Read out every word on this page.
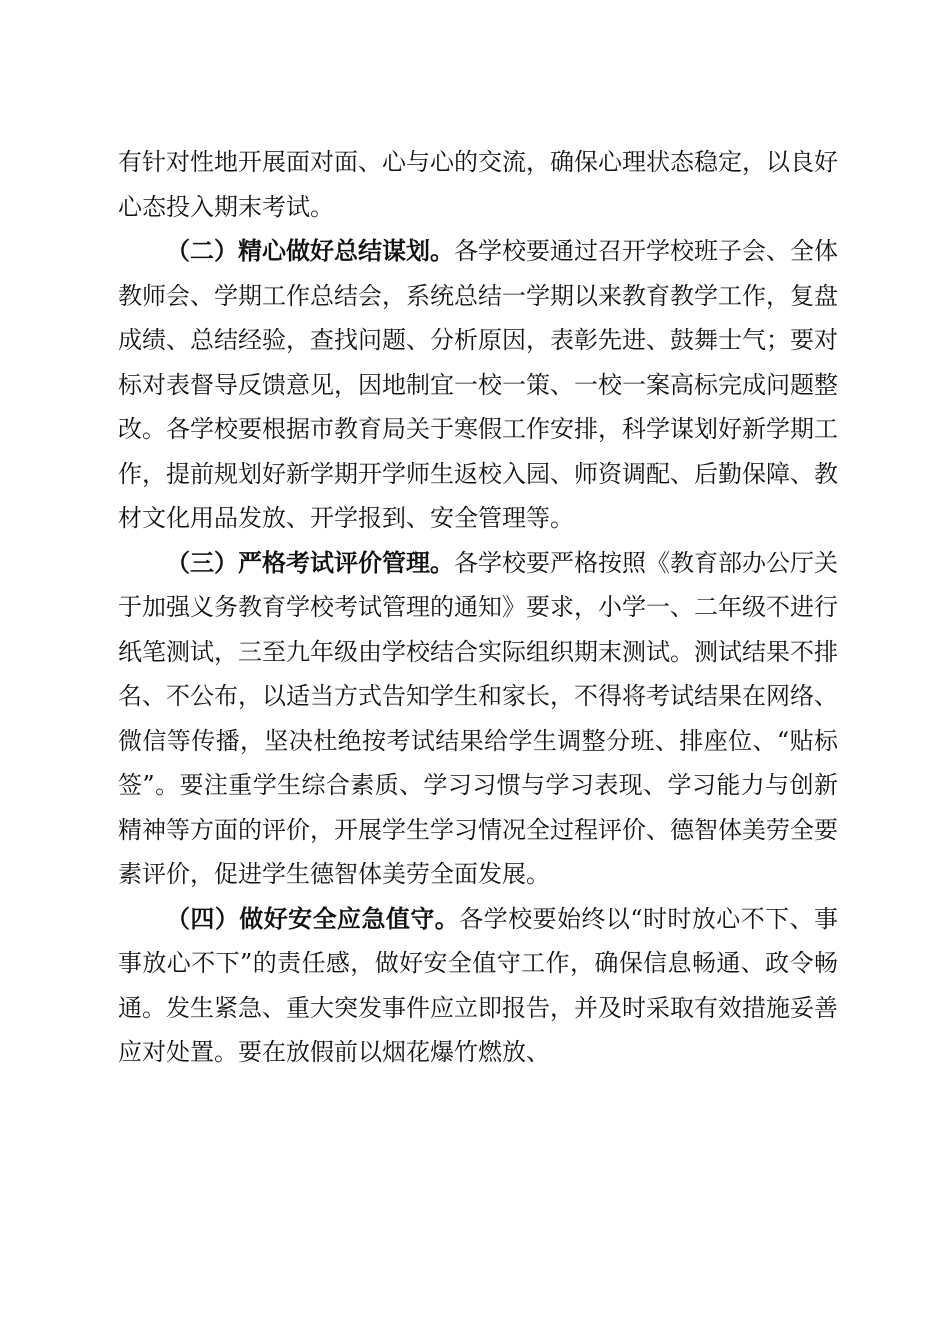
有针对性地开展面对面、心与心的交流，确保心理状态稳定，以良好心态投入期末考试。

（二）精心做好总结谋划。各学校要通过召开学校班子会、全体教师会、学期工作总结会，系统总结一学期以来教育教学工作，复盘成绩、总结经验，查找问题、分析原因，表彰先进、鼓舞士气；要对标对表督导反馈意见，因地制宜一校一策、一校一案高标完成问题整改。各学校要根据市教育局关于寒假工作安排，科学谋划好新学期工作，提前规划好新学期开学师生返校入园、师资调配、后勤保障、教材文化用品发放、开学报到、安全管理等。

（三）严格考试评价管理。各学校要严格按照《教育部办公厅关于加强义务教育学校考试管理的通知》要求，小学一、二年级不进行纸笔测试，三至九年级由学校结合实际组织期末测试。测试结果不排名、不公布，以适当方式告知学生和家长，不得将考试结果在网络、微信等传播，坚决杜绝按考试结果给学生调整分班、排座位、“贴标签”。要注重学生综合素质、学习习惯与学习表现、学习能力与创新精神等方面的评价，开展学生学习情况全过程评价、德智体美劳全要素评价，促进学生德智体美劳全面发展。

（四）做好安全应急值守。各学校要始终以“时时放心不下、事事放心不下”的责任感，做好安全值守工作，确保信息畅通、政令畅通。发生紧急、重大突发事件应立即报告，并及时采取有效措施妥善应对处置。要在放假前以烟花爆竹燃放、
